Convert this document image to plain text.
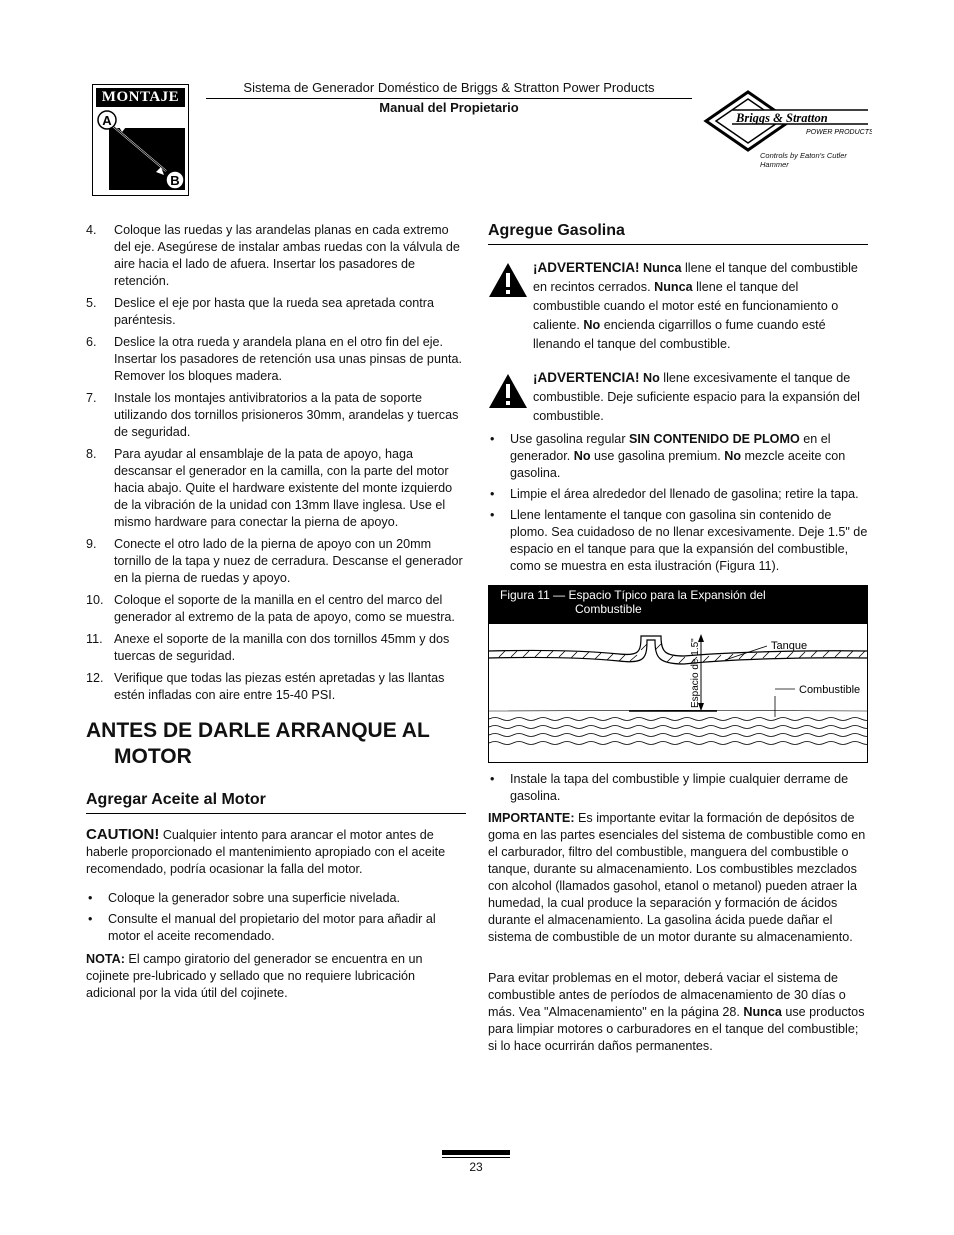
MONTAJE
A
B
Sistema de Generador Doméstico de Briggs & Stratton Power Products
Manual del Propietario
Briggs & Stratton
POWER PRODUCTS
Controls by Eaton's Cutler Hammer
4. Coloque las ruedas y las arandelas planas en cada extremo del eje. Asegúrese de instalar ambas ruedas con la válvula de aire hacia el lado de afuera. Insertar los pasadores de retención.
5. Deslice el eje por hasta que la rueda sea apretada contra paréntesis.
6. Deslice la otra rueda y arandela plana en el otro fin del eje. Insertar los pasadores de retención usa unas pinsas de punta. Remover los bloques madera.
7. Instale los montajes antivibratorios a la pata de soporte utilizando dos tornillos prisioneros 30mm, arandelas y tuercas de seguridad.
8. Para ayudar al ensamblaje de la pata de apoyo, haga descansar el generador en la camilla, con la parte del motor hacia abajo. Quite el hardware existente del monte izquierdo de la vibración de la unidad con 13mm llave inglesa. Use el mismo hardware para conectar la pierna de apoyo.
9. Conecte el otro lado de la pierna de apoyo con un 20mm tornillo de la tapa y nuez de cerradura. Descanse el generador en la pierna de ruedas y apoyo.
10. Coloque el soporte de la manilla en el centro del marco del generador al extremo de la pata de apoyo, como se muestra.
11. Anexe el soporte de la manilla con dos tornillos 45mm y dos tuercas de seguridad.
12. Verifique que todas las piezas estén apretadas y las llantas estén infladas con aire entre 15-40 PSI.
ANTES DE DARLE ARRANQUE AL
MOTOR
Agregar Aceite al Motor

CAUTION! Cualquier intento para arancar el motor antes de haberle proporcionado el mantenimiento apropiado con el aceite recomendado, podría ocasionar la falla del motor.

• Coloque la generador sobre una superficie nivelada.
• Consulte el manual del propietario del motor para añadir al motor el aceite recomendado.

NOTA: El campo giratorio del generador se encuentra en un cojinete pre-lubricado y sellado que no requiere lubricación adicional por la vida útil del cojinete.

Agregue Gasolina

¡ADVERTENCIA! Nunca llene el tanque del combustible en recintos cerrados. Nunca llene el tanque del combustible cuando el motor esté en funcionamiento o caliente. No encienda cigarrillos o fume cuando esté llenando el tanque del combustible.

¡ADVERTENCIA! No llene excesivamente el tanque de combustible. Deje suficiente espacio para la expansión del combustible.

• Use gasolina regular SIN CONTENIDO DE PLOMO en el generador. No use gasolina premium. No mezcle aceite con gasolina.
• Limpie el área alrededor del llenado de gasolina; retire la tapa.
• Llene lentamente el tanque con gasolina sin contenido de plomo. Sea cuidadoso de no llenar excesivamente. Deje 1.5" de espacio en el tanque para que la expansión del combustible, como se muestra en esta ilustración (Figura 11).
Figura 11 — Espacio Típico para la Expansión del
Combustible
Tanque
Combustible
Espacio de 1.5"
• Instale la tapa del combustible y limpie cualquier derrame de gasolina.

IMPORTANTE: Es importante evitar la formación de depósitos de goma en las partes esenciales del sistema de combustible como en el carburador, filtro del combustible, manguera del combustible o tanque, durante su almacenamiento. Los combustibles mezclados con alcohol (llamados gasohol, etanol o metanol) pueden atraer la humedad, la cual produce la separación y formación de ácidos durante el almacenamiento. La gasolina ácida puede dañar el sistema de combustible de un motor durante su almacenamiento.

Para evitar problemas en el motor, deberá vaciar el sistema de combustible antes de períodos de almacenamiento de 30 días o más. Vea "Almacenamiento" en la página 28. Nunca use productos para limpiar motores o carburadores en el tanque del combustible; si lo hace ocurrirán daños permanentes.

23
